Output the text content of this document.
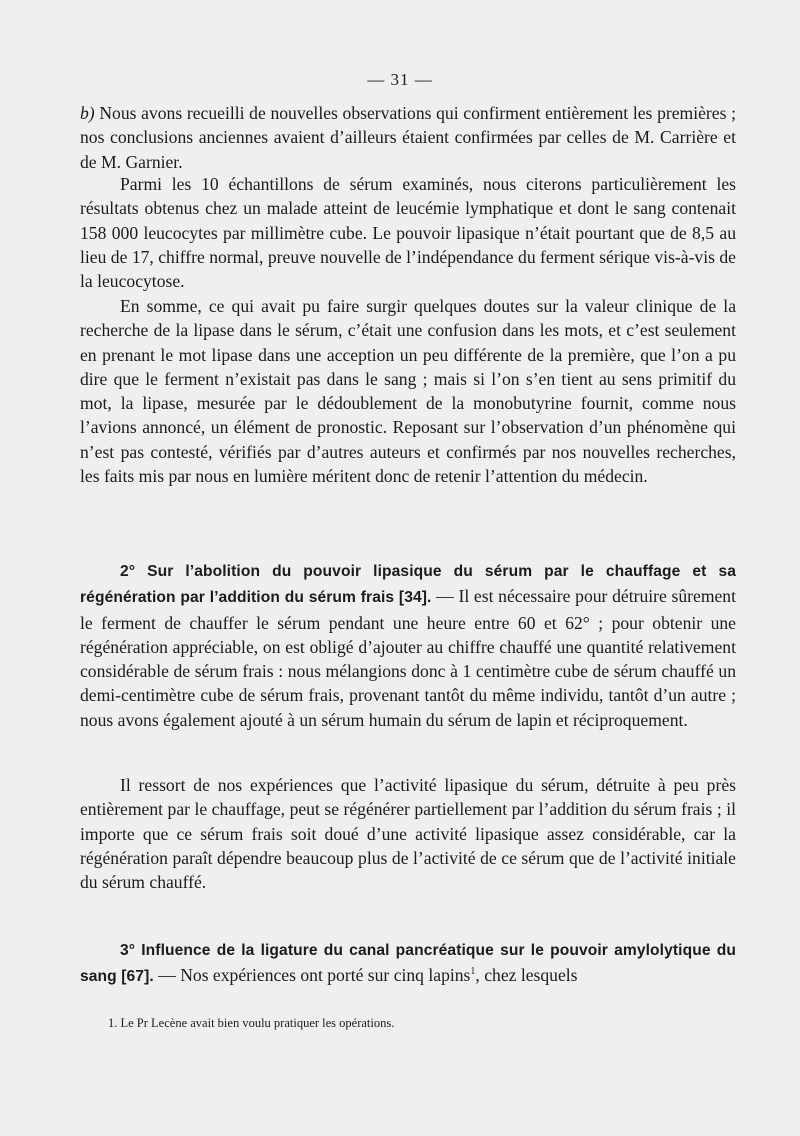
— 31 —

b) Nous avons recueilli de nouvelles observations qui confirment entièrement les premières ; nos conclusions anciennes avaient d’ailleurs étaient confirmées par celles de M. Carrière et de M. Garnier.

Parmi les 10 échantillons de sérum examinés, nous citerons particulièrement les résultats obtenus chez un malade atteint de leucémie lymphatique et dont le sang contenait 158 000 leucocytes par millimètre cube. Le pouvoir lipasique n’était pourtant que de 8,5 au lieu de 17, chiffre normal, preuve nouvelle de l’indépendance du ferment sérique vis-à-vis de la leucocytose.

En somme, ce qui avait pu faire surgir quelques doutes sur la valeur clinique de la recherche de la lipase dans le sérum, c’était une confusion dans les mots, et c’est seulement en prenant le mot lipase dans une acception un peu différente de la première, que l’on a pu dire que le ferment n’existait pas dans le sang ; mais si l’on s’en tient au sens primitif du mot, la lipase, mesurée par le dédoublement de la monobutyrine fournit, comme nous l’avions annoncé, un élément de pronostic. Reposant sur l’observation d’un phénomène qui n’est pas contesté, vérifiés par d’autres auteurs et confirmés par nos nouvelles recherches, les faits mis par nous en lumière méritent donc de retenir l’attention du médecin.

2° Sur l’abolition du pouvoir lipasique du sérum par le chauffage et sa régénération par l’addition du sérum frais [34]. — Il est nécessaire pour détruire sûrement le ferment de chauffer le sérum pendant une heure entre 60 et 62° ; pour obtenir une régénération appréciable, on est obligé d’ajouter au chiffre chauffé une quantité relativement considérable de sérum frais : nous mélangions donc à 1 centimètre cube de sérum chauffé un demi-centimètre cube de sérum frais, provenant tantôt du même individu, tantôt d’un autre ; nous avons également ajouté à un sérum humain du sérum de lapin et réciproquement.

Il ressort de nos expériences que l’activité lipasique du sérum, détruite à peu près entièrement par le chauffage, peut se régénérer partiellement par l’addition du sérum frais ; il importe que ce sérum frais soit doué d’une activité lipasique assez considérable, car la régénération paraît dépendre beaucoup plus de l’activité de ce sérum que de l’activité initiale du sérum chauffé.

3° Influence de la ligature du canal pancréatique sur le pouvoir amylolytique du sang [67]. — Nos expériences ont porté sur cinq lapins$^1$, chez lesquels

1. Le Pr Lecène avait bien voulu pratiquer les opérations.
